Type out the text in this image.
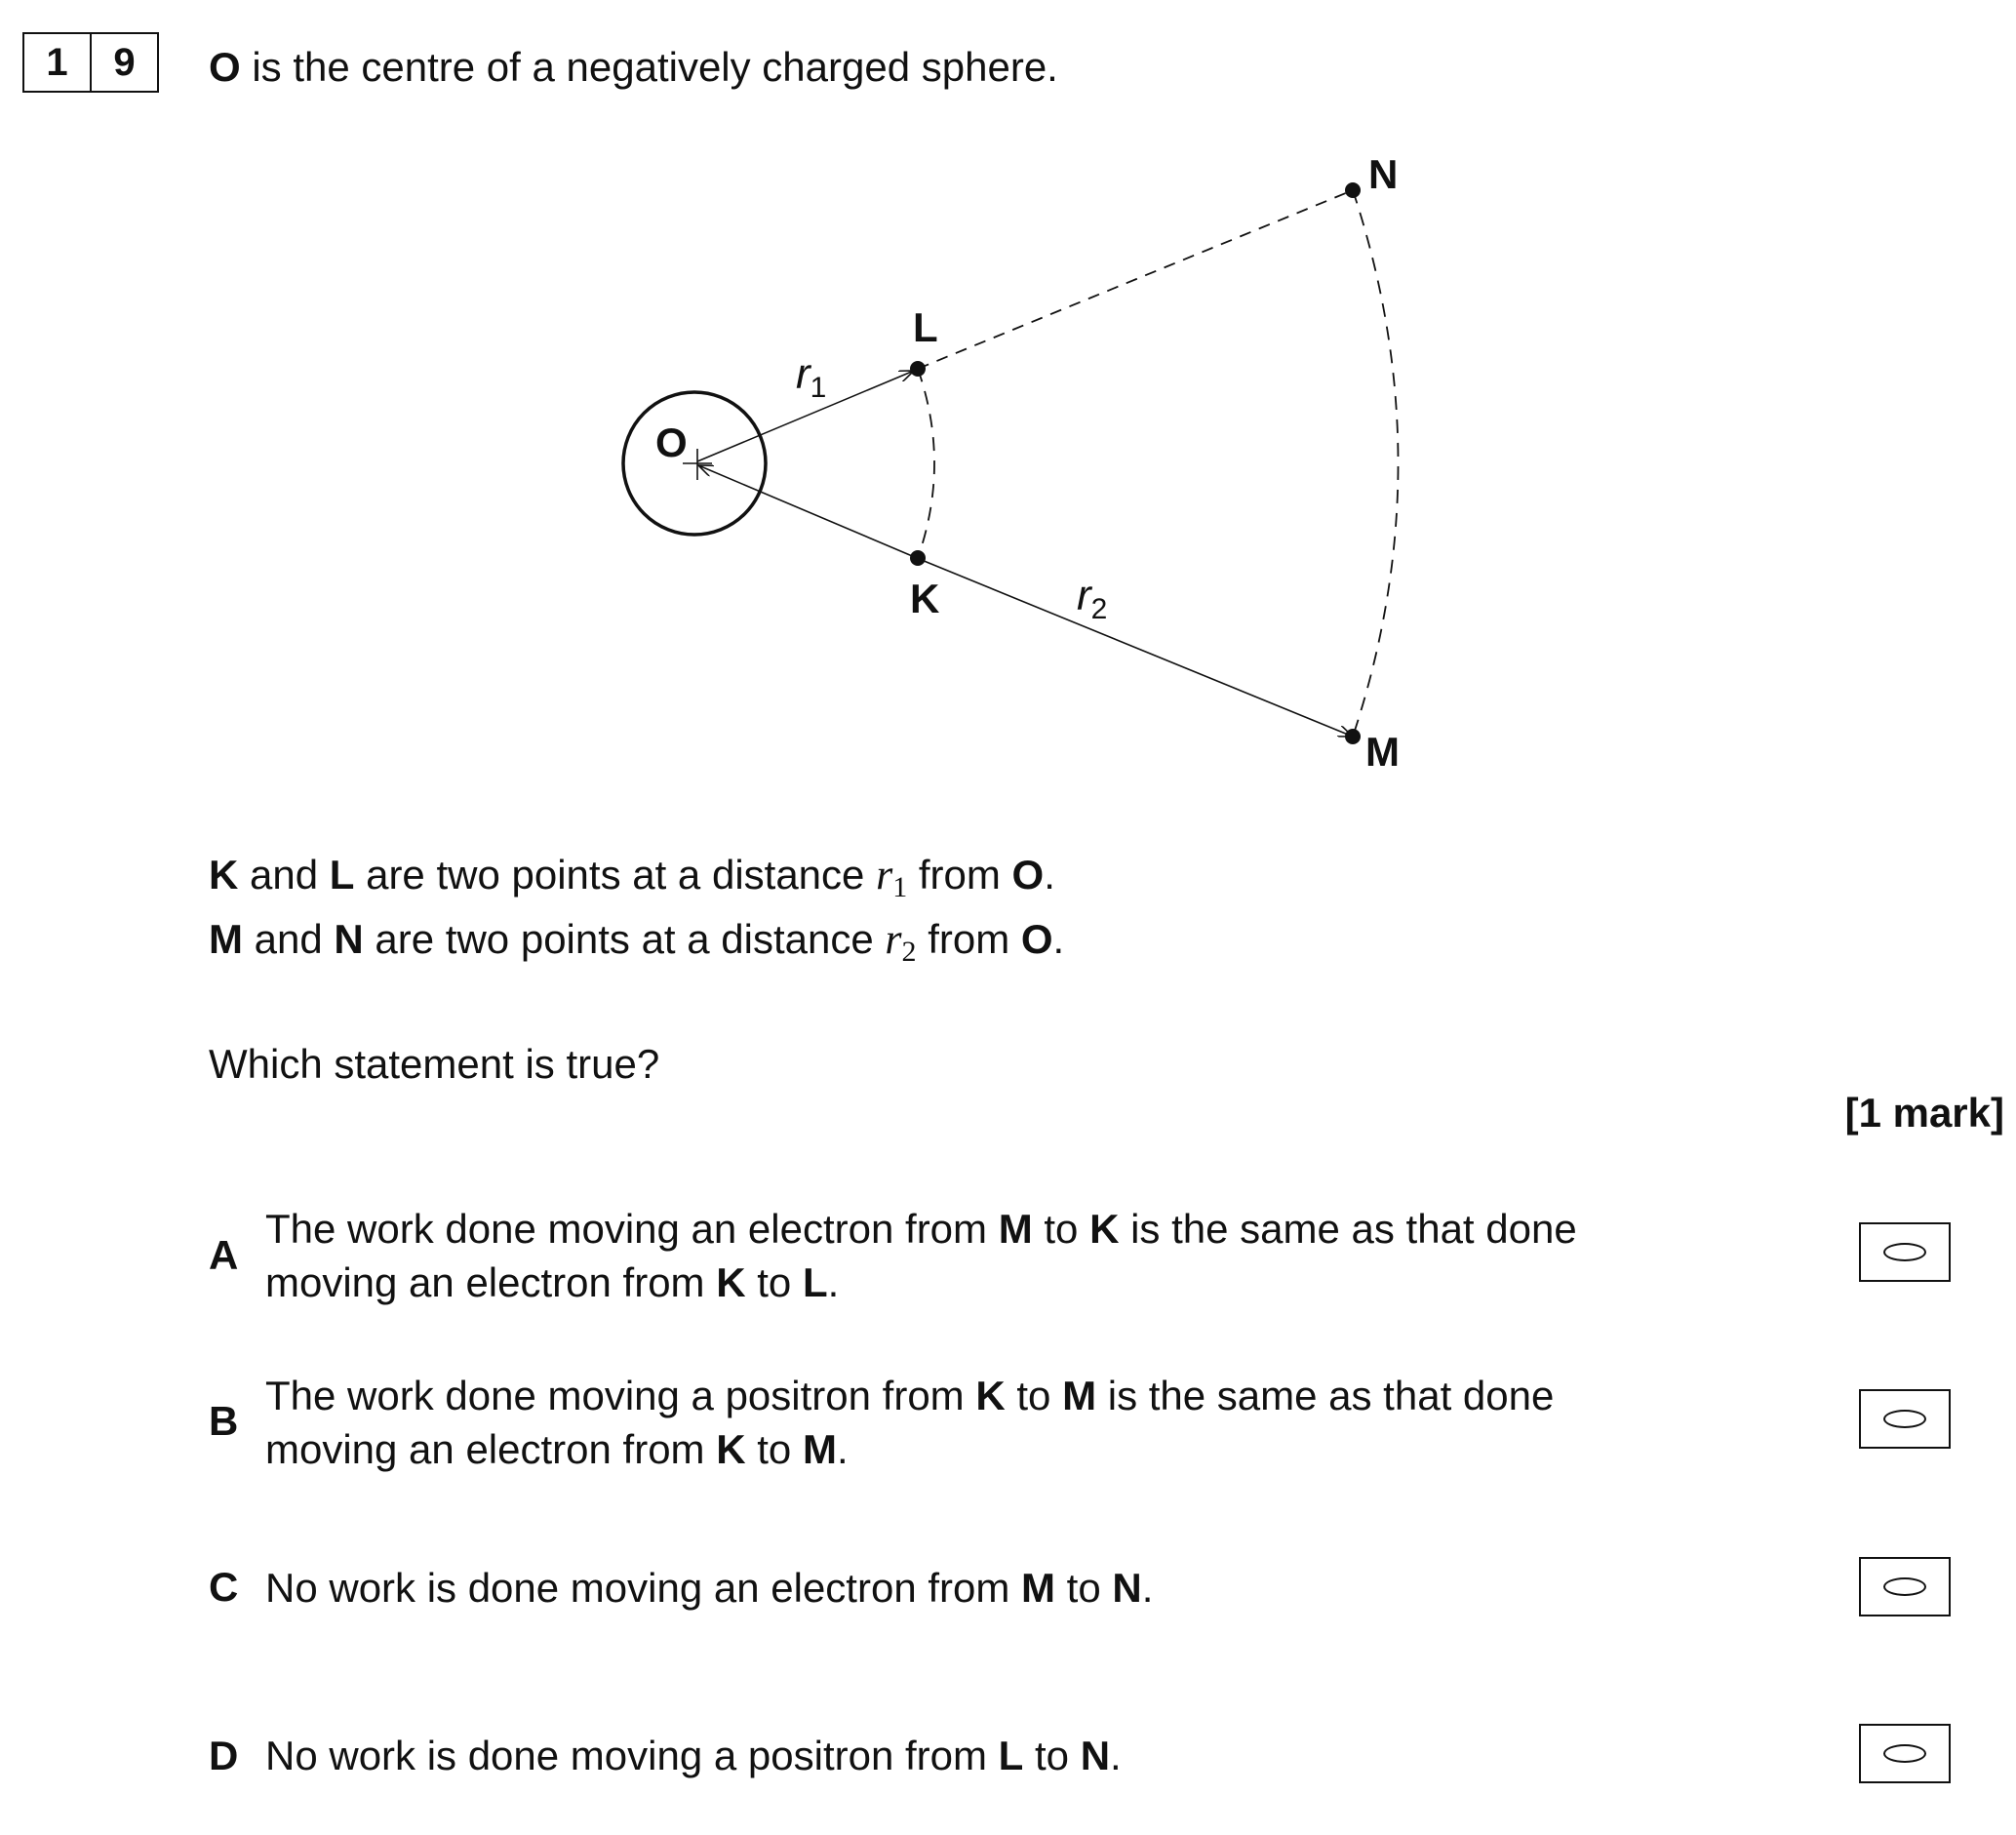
1	9	O is the centre of a negatively charged sphere.
O
L
K
N
M
$r_1$
$r_2$
K and L are two points at a distance $r_1$ from O.
M and N are two points at a distance $r_2$ from O.
Which statement is true?
[1 mark]
A
The work done moving an electron from M to K is the same as that done
moving an electron from K to L.
B
The work done moving a positron from K to M is the same as that done
moving an electron from K to M.
C No work is done moving an electron from M to N.
D No work is done moving a positron from L to N.
